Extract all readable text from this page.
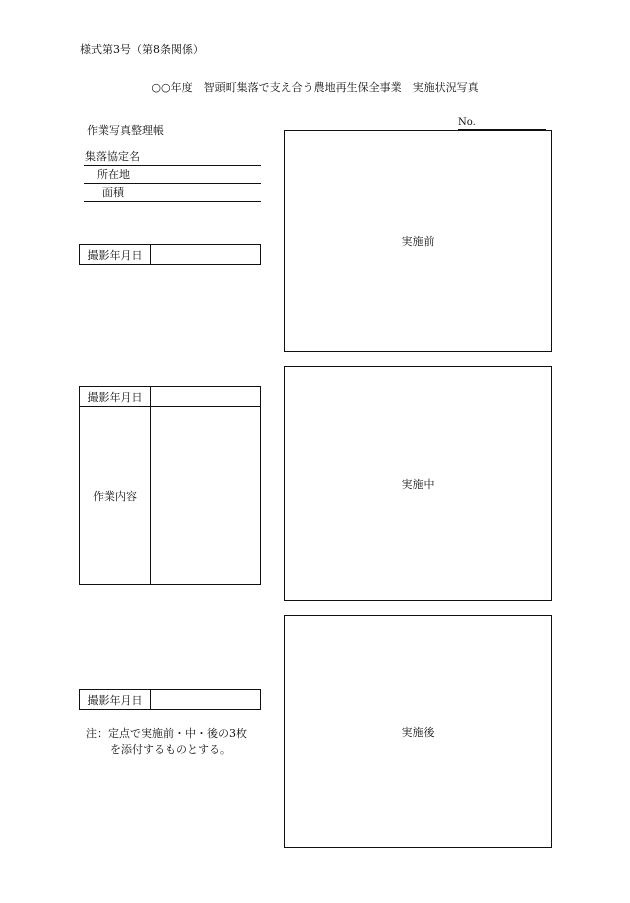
様式第3号（第8条関係）
○○年度　智頭町集落で支え合う農地再生保全事業　実施状況写真
作業写真整理帳
No.
集落協定名
所在地
面積
撮影年月日	
撮影年月日	
作業内容	
撮影年月日	
注：定点で実施前・中・後の3枚
を添付するものとする。
実施前
実施中
実施後
